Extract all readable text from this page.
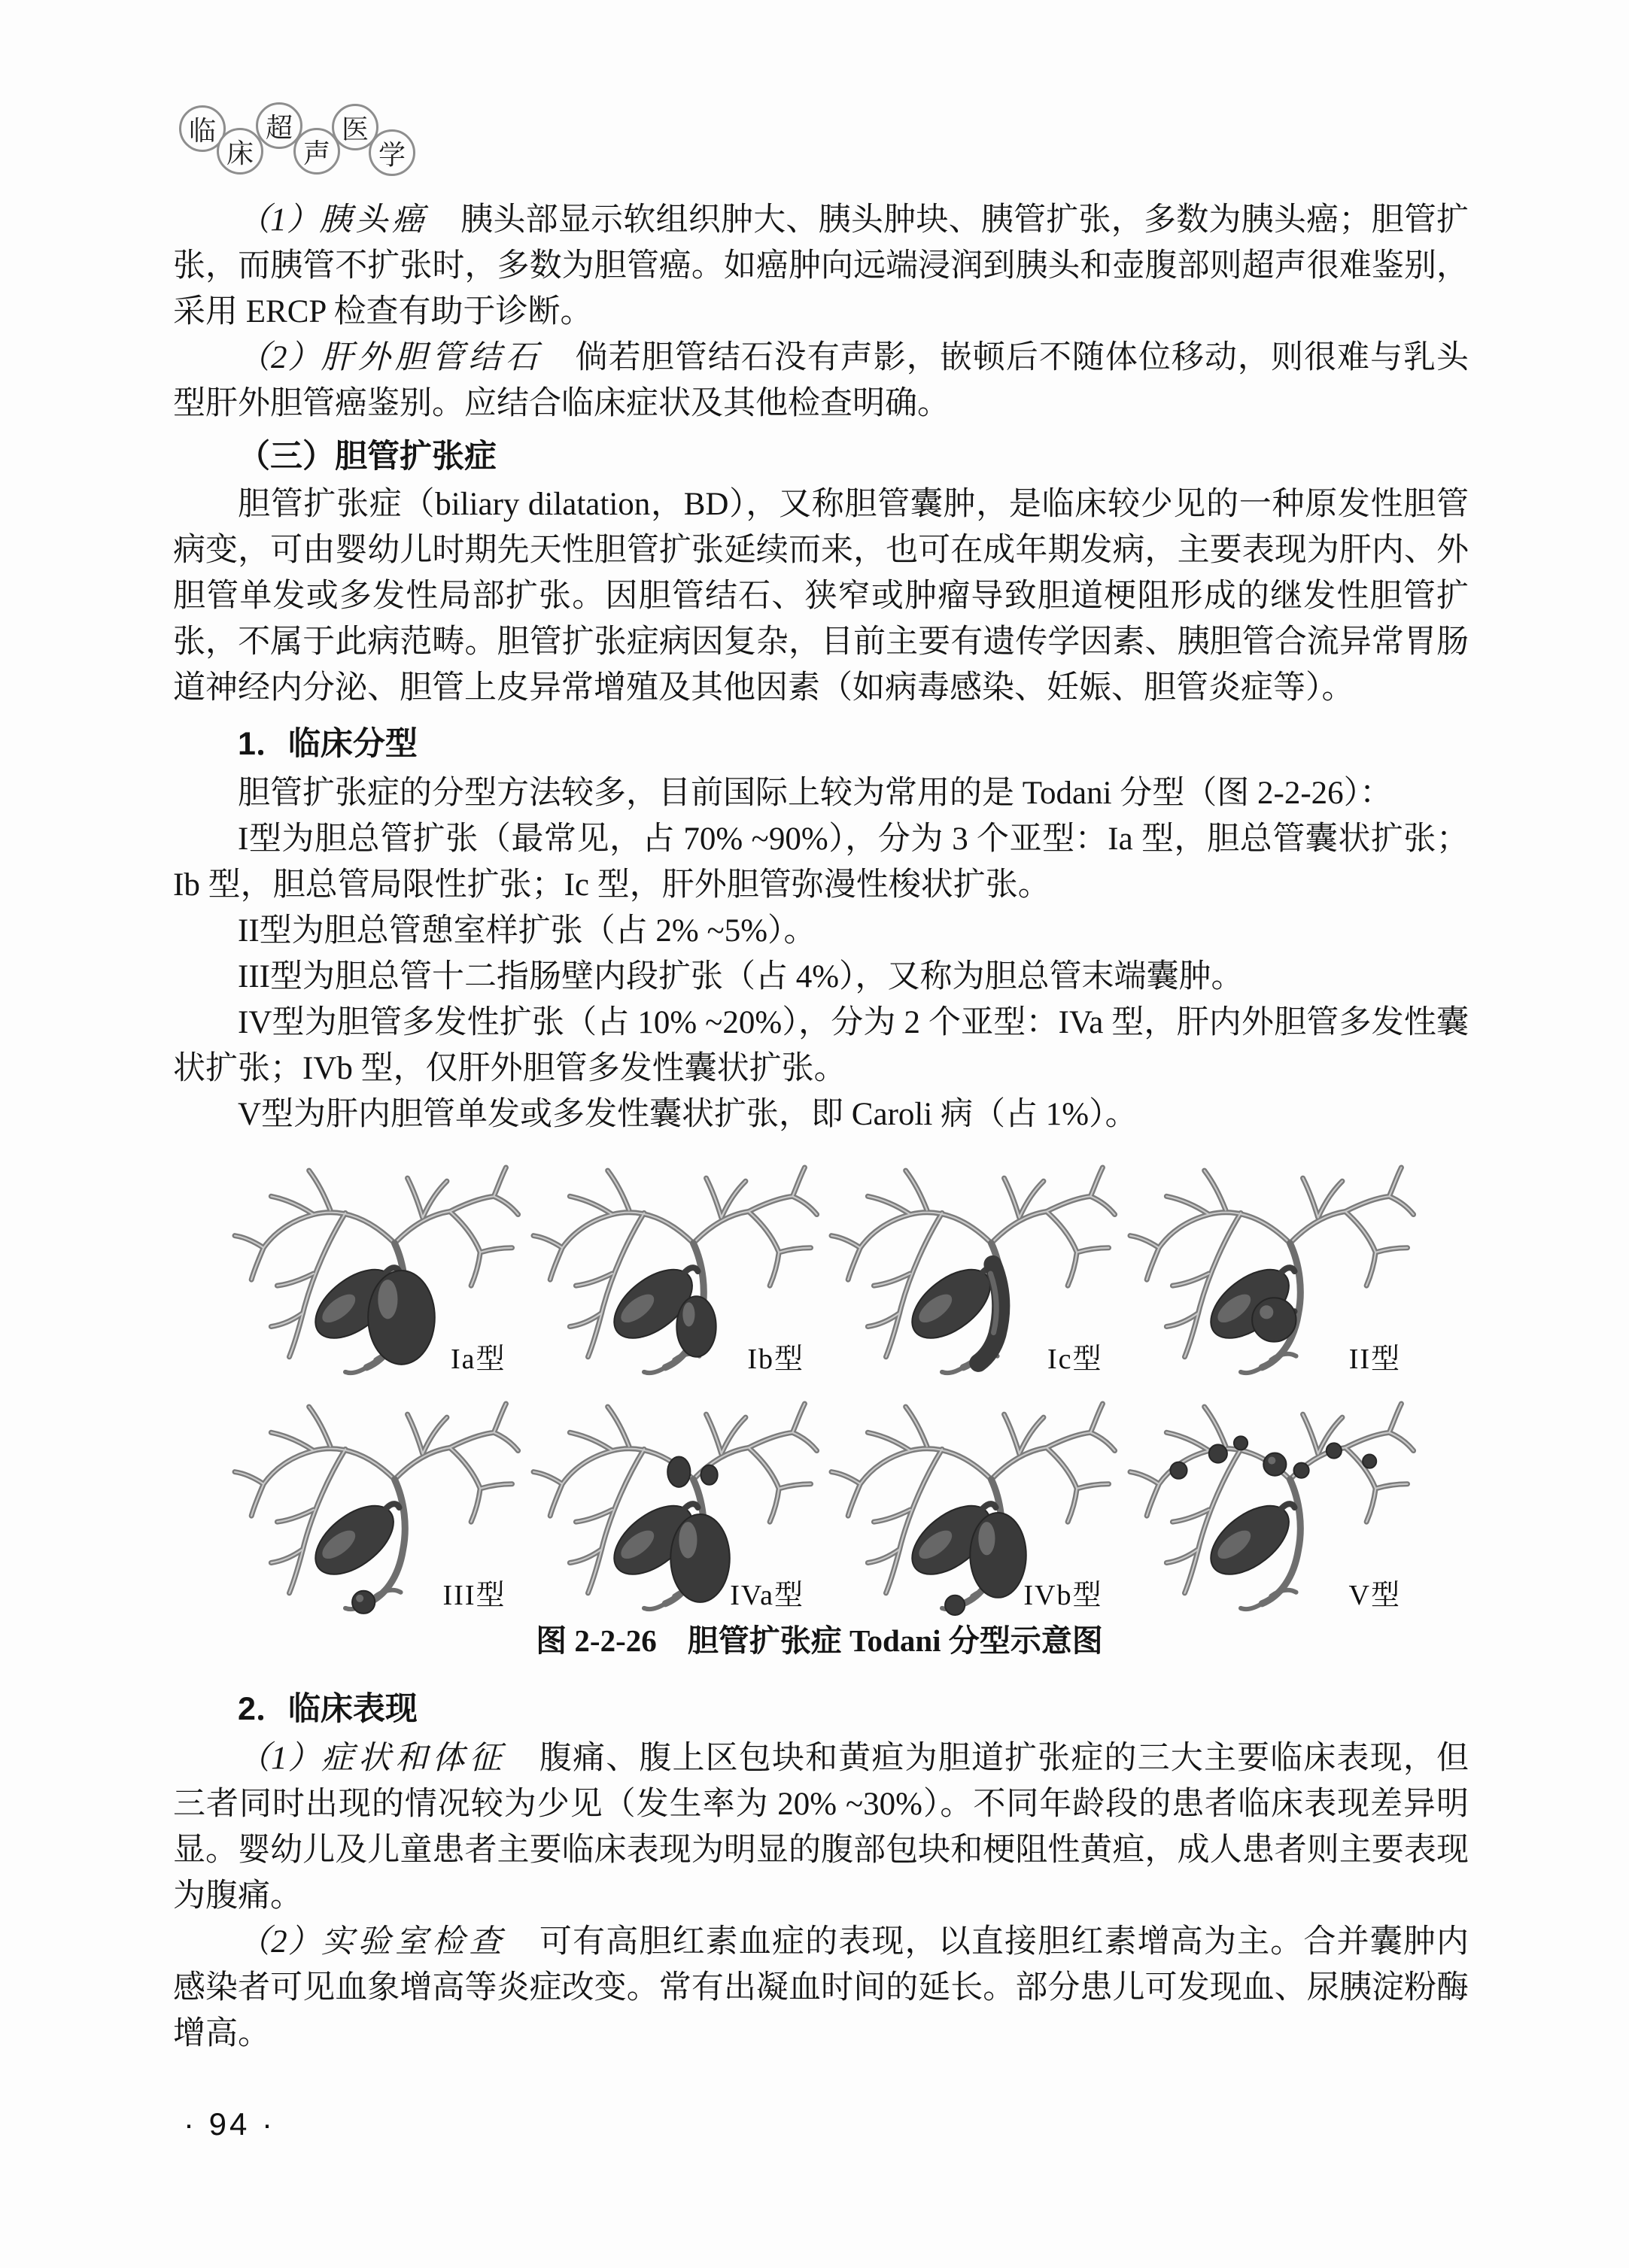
临
床
超
声
医
学

（1）胰头癌　胰头部显示软组织肿大、胰头肿块、胰管扩张，多数为胰头癌；胆管扩张，而胰管不扩张时，多数为胆管癌。如癌肿向远端浸润到胰头和壶腹部则超声很难鉴别，采用 ERCP 检查有助于诊断。

（2）肝外胆管结石　倘若胆管结石没有声影，嵌顿后不随体位移动，则很难与乳头型肝外胆管癌鉴别。应结合临床症状及其他检查明确。

（三）胆管扩张症

胆管扩张症（biliary dilatation，BD），又称胆管囊肿，是临床较少见的一种原发性胆管病变，可由婴幼儿时期先天性胆管扩张延续而来，也可在成年期发病，主要表现为肝内、外胆管单发或多发性局部扩张。因胆管结石、狭窄或肿瘤导致胆道梗阻形成的继发性胆管扩张，不属于此病范畴。胆管扩张症病因复杂，目前主要有遗传学因素、胰胆管合流异常胃肠道神经内分泌、胆管上皮异常增殖及其他因素（如病毒感染、妊娠、胆管炎症等）。

1．临床分型

胆管扩张症的分型方法较多，目前国际上较为常用的是 Todani 分型（图 2-2-26）：

I型为胆总管扩张（最常见，占 70% ~90%），分为 3 个亚型：Ia 型，胆总管囊状扩张；Ib 型，胆总管局限性扩张；Ic 型，肝外胆管弥漫性梭状扩张。

II型为胆总管憩室样扩张（占 2% ~5%）。

III型为胆总管十二指肠壁内段扩张（占 4%），又称为胆总管末端囊肿。

IV型为胆管多发性扩张（占 10% ~20%），分为 2 个亚型：IVa 型，肝内外胆管多发性囊状扩张；IVb 型，仅肝外胆管多发性囊状扩张。

V型为肝内胆管单发或多发性囊状扩张，即 Caroli 病（占 1%）。

Ia型	Ib型	Ic型	II型
III型	IVa型	IVb型	V型

图 2-2-26　胆管扩张症 Todani 分型示意图

2．临床表现

（1）症状和体征　腹痛、腹上区包块和黄疸为胆道扩张症的三大主要临床表现，但三者同时出现的情况较为少见（发生率为 20% ~30%）。不同年龄段的患者临床表现差异明显。婴幼儿及儿童患者主要临床表现为明显的腹部包块和梗阻性黄疸，成人患者则主要表现为腹痛。

（2）实验室检查　可有高胆红素血症的表现，以直接胆红素增高为主。合并囊肿内感染者可见血象增高等炎症改变。常有出凝血时间的延长。部分患儿可发现血、尿胰淀粉酶增高。

· 94 ·
